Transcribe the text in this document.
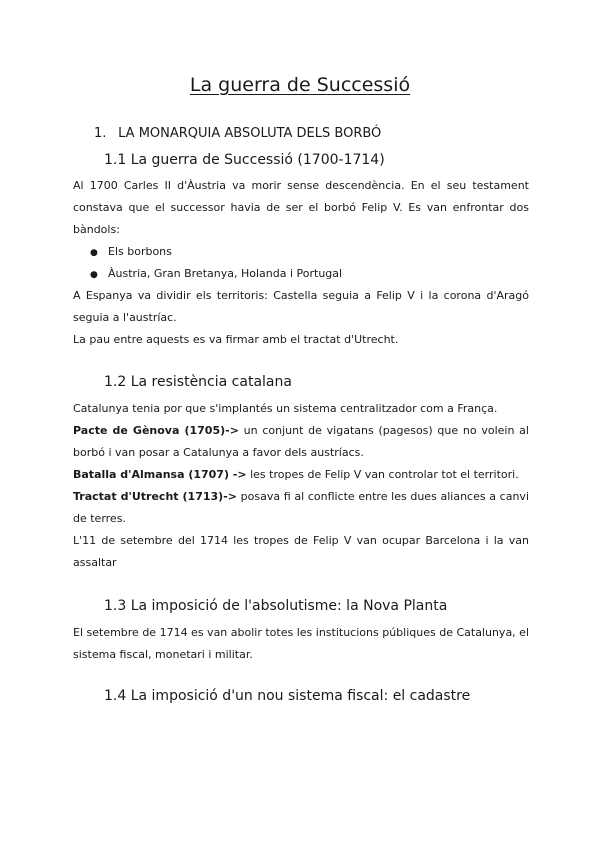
La guerra de Successió
1. LA MONARQUIA ABSOLUTA DELS BORBÓ
1.1 La guerra de Successió (1700-1714)
Al 1700 Carles II d'Àustria va morir sense descendència. En el seu testament constava que el successor havia de ser el borbó Felip V. Es van enfrontar dos bàndols:
● Els borbons
● Àustria, Gran Bretanya, Holanda i Portugal
A Espanya va dividir els territoris: Castella seguia a Felip V i la corona d'Aragó seguia a l'austríac.
La pau entre aquests es va firmar amb el tractat d'Utrecht.
1.2 La resistència catalana
Catalunya tenia por que s'implantés un sistema centralitzador com a França.
Pacte de Gènova (1705)-> un conjunt de vigatans (pagesos) que no volein al borbó i van posar a Catalunya a favor dels austríacs.
Batalla d'Almansa (1707) -> les tropes de Felip V van controlar tot el territori.
Tractat d'Utrecht (1713)-> posava fi al conflicte entre les dues aliances a canvi de terres.
L'11 de setembre del 1714 les tropes de Felip V van ocupar Barcelona i la van assaltar
1.3 La imposició de l'absolutisme: la Nova Planta
El setembre de 1714 es van abolir totes les institucions públiques de Catalunya, el sistema fiscal, monetari i militar.
1.4 La imposició d'un nou sistema fiscal: el cadastre
